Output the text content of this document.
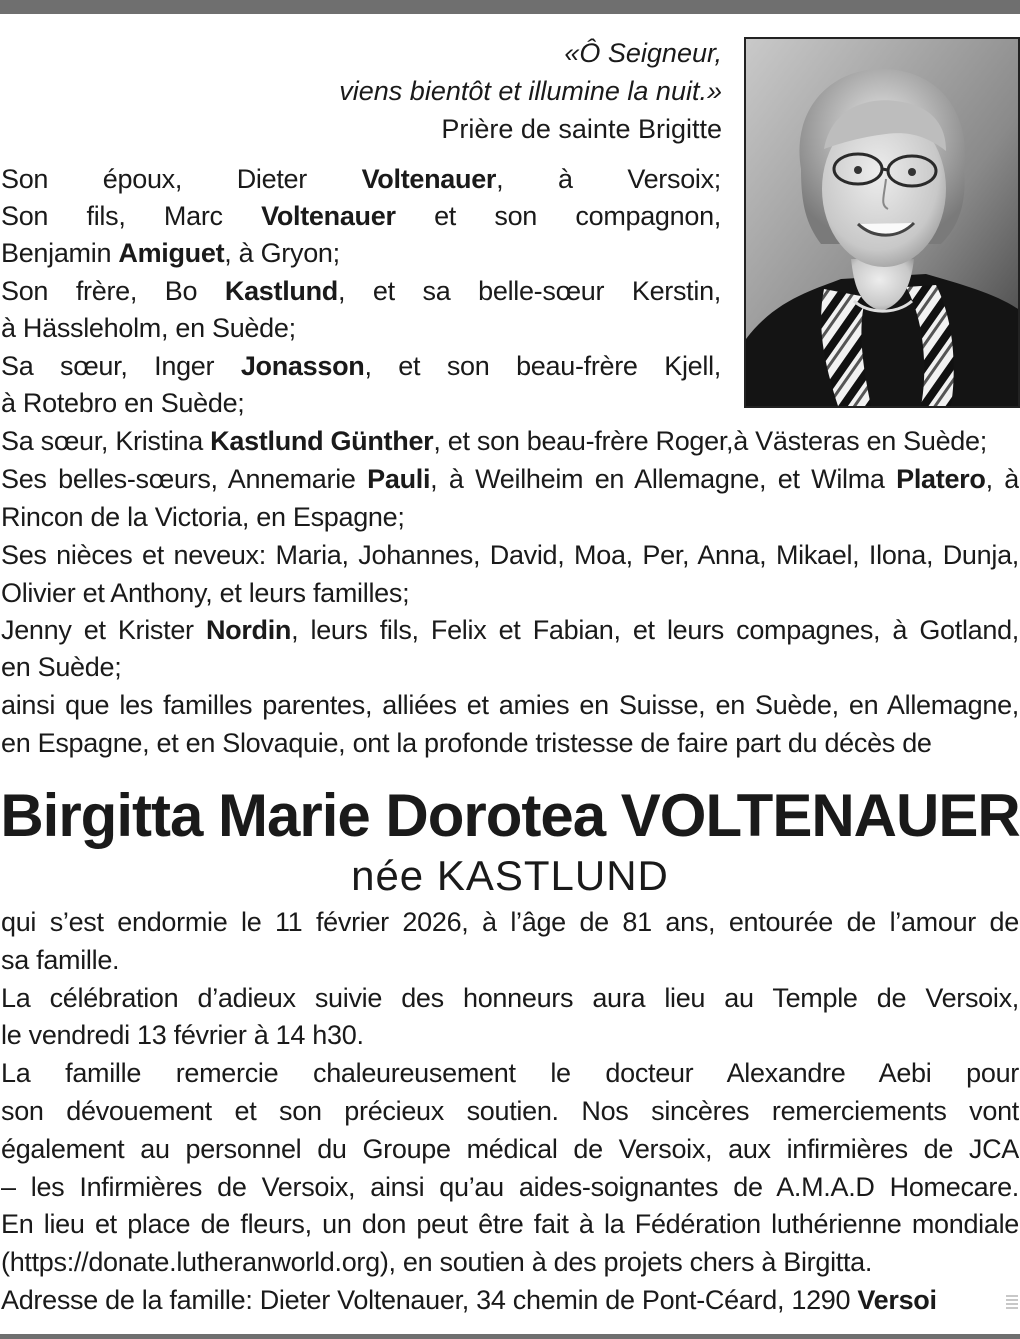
«Ô Seigneur,
viens bientôt et illumine la nuit.»
Prière de sainte Brigitte
Son époux, Dieter Voltenauer, à Versoix;
Son fils, Marc Voltenauer et son compagnon,
Benjamin Amiguet, à Gryon;
Son frère, Bo Kastlund, et sa belle-sœur Kerstin,
à Hässleholm, en Suède;
Sa sœur, Inger Jonasson, et son beau-frère Kjell,
à Rotebro en Suède;
Sa sœur, Kristina Kastlund Günther, et son beau-frère Roger,à Västeras en Suède;
Ses belles-sœurs, Annemarie Pauli, à Weilheim en Allemagne, et Wilma Platero, à
Rincon de la Victoria, en Espagne;
Ses nièces et neveux: Maria, Johannes, David, Moa, Per, Anna, Mikael, Ilona, Dunja,
Olivier et Anthony, et leurs familles;
Jenny et Krister Nordin, leurs fils, Felix et Fabian, et leurs compagnes, à Gotland,
en Suède;
ainsi que les familles parentes, alliées et amies en Suisse, en Suède, en Allemagne,
en Espagne, et en Slovaquie, ont la profonde tristesse de faire part du décès de
Birgitta Marie Dorotea VOLTENAUER
née KASTLUND
qui s’est endormie le 11 février 2026, à l’âge de 81 ans, entourée de l’amour de
sa famille.
La célébration d’adieux suivie des honneurs aura lieu au Temple de Versoix,
le vendredi 13 février à 14 h30.
La famille remercie chaleureusement le docteur Alexandre Aebi pour
son dévouement et son précieux soutien. Nos sincères remerciements vont
également au personnel du Groupe médical de Versoix, aux infirmières de JCA
– les Infirmières de Versoix, ainsi qu’au aides-soignantes de A.M.A.D Homecare.
En lieu et place de fleurs, un don peut être fait à la Fédération luthérienne mondiale
(https://donate.lutheranworld.org), en soutien à des projets chers à Birgitta.
Adresse de la famille: Dieter Voltenauer, 34 chemin de Pont-Céard, 1290 Versoi
